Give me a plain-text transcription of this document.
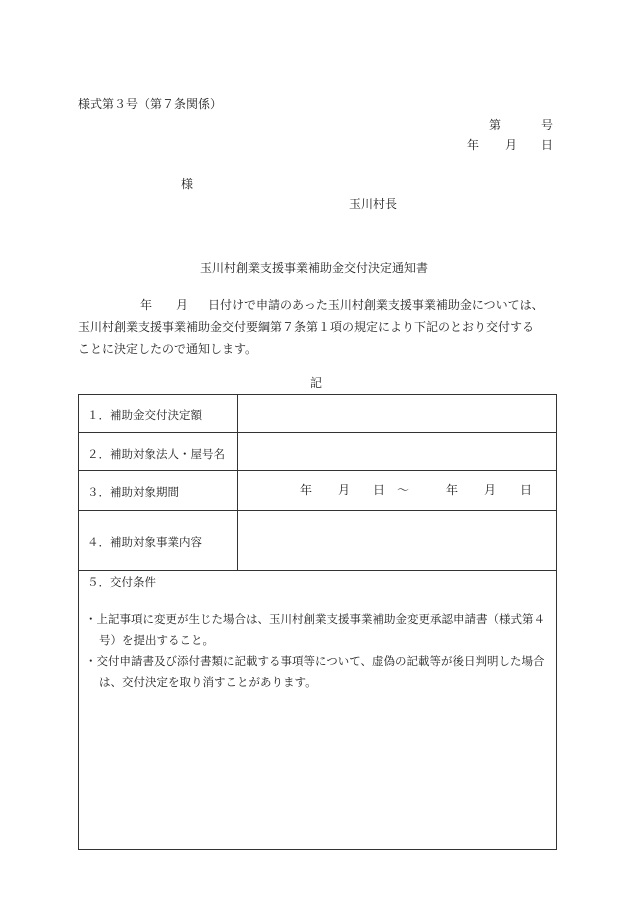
様式第３号（第７条関係）
第	号
年 月 日
様
玉川村長
玉川村創業支援事業補助金交付決定通知書
年 月 日付けで申請のあった玉川村創業支援事業補助金については、
玉川村創業支援事業補助金交付要綱第７条第１項の規定により下記のとおり交付する
ことに決定したので通知します。
記
１．補助金交付決定額
２．補助対象法人・屋号名
３．補助対象期間
４．補助対象事業内容
年 月 日 〜	年 月 日
５．交付条件
・上記事項に変更が生じた場合は、玉川村創業支援事業補助金変更承認申請書（様式第４号）を提出すること。
・交付申請書及び添付書類に記載する事項等について、虚偽の記載等が後日判明した場合は、交付決定を取り消すことがあります。
